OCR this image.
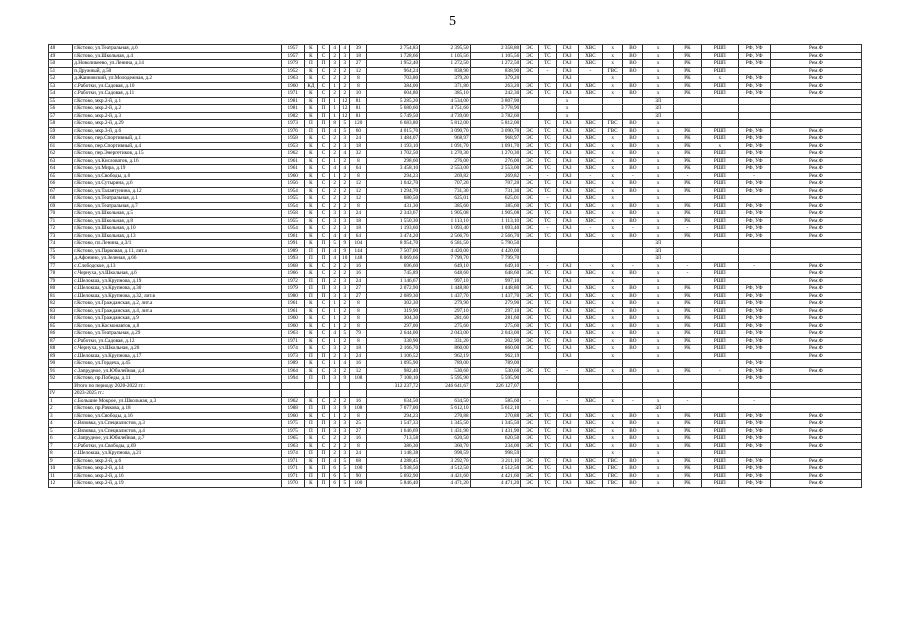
5
48	г.Кстово, ул.Театральная, д.6	1957	К	С	4	4	39	2 754,83	2 395,50	2 358,80	ЭС	ТС	ГАЗ	ХВС	х	ВО	х	РК	РШП	РФ, УФ	Рем.Ф
49	г.Кстово, ул.Школьная, д.4	1957	К	С	2	3	18	1 728,66	1 105,56	1 105,56	ЭС	ТС	ГАЗ	ХВС	х	ВО	х	РК	РШП	РФ, УФ	Рем.Ф
50	д.Новоликеево, ул.Ленина, д.14	1979	П	П	3	3	27	1 952,40	1 272,50	1 272,50	ЭС	ТС	ГАЗ	ХВС	х	ВО	х	РК	РШП	РФ, УФ	Рем.Ф
51	п.Дружный, д.50	1952	К	С	2	2	12	964,24	838,90	838,90	ЭС	-	ГАЗ	-	ГВС	ВО	х	РК	РШП		Рем.Ф
52	д.Жаиновский, ул.Молодежная, д.2	1963	К	С	2	2	8	703,80	379,20	379,20			ГАЗ		х		х	РК	х	РФ, УФ	Рем.Ф
53	с.Работки, ул.Садовая, д.10	1960	КД	С	1	2	8	384,00	371,80	263,20	ЭС	ТС	ГАЗ	ХВС	х	ВО	х	РК	РШП	РФ, УФ	Рем.Ф
54	с.Работки, ул.Садовая, д.11	1971	К	С	2	2	10	604,80	385,10	242,30	ЭС	ТС	ГАЗ	ХВС	х	ВО	х	РК	РШП	РФ, УФ	Рем.Ф
55	г.Кстово, мкр.2-й, д.1	1981	К	П	1	12	81	5 285,20	4 534,00	3 807,90			х				ЗЛ				
56	г.Кстово, мкр.2-й, д.2	1981	К	П	1	12	81	5 680,60	4 751,60	3 778,90			х				ЗЛ				
57	г.Кстово, мкр.2-й, д.3	1982	К	П	1	12	81	5 749,50	4 739,00	3 782,60			х				ЗЛ				
58	г.Кстово, мкр.2-й, д.29	1973	П	П	8	5	120	6 683,80	5 812,00	5 812,00		ТС	ГАЗ	ХВС	ГВС	ВО	х				
59	г.Кстово, мкр.3-й, д.6	1976	П	П	4	5	60	4 015,70	3 090,70	3 090,70	ЭС	ТС	ГАЗ	ХВС	ГВС	ВО	х	РК	РШП	РФ, УФ	Рем.Ф
60	г.Кстово, пер.Спортивный, д.1	1958	К	С	2	3	24	1 484,07	968,97	968,97	ЭС	ТС	ГАЗ	ХВС	х	ВО	х	РК	РШП	РФ, УФ	Рем.Ф
61	г.Кстово, пер.Спортивный, д.4	1953	К	С	2	3	18	1 193,10	1 091,70	1 091,70	ЭС	ТС	ГАЗ	ХВС	х	ВО	х	РК	х	РФ, УФ	Рем.Ф
62	г.Кстово, пер.Энергетиков, д.15	1962	К	С	2	4	32	1 702,50	1 270,30	1 270,30	ЭС	ТС	ГАЗ	ХВС	х	ВО	х	РК	РШП	РФ, УФ	Рем.Ф
63	г.Кстово, ул.Кисловатов, д.16	1961	К	С	1	2	8	298,60	276,00	276,00	ЭС	ТС	ГАЗ	ХВС	х	ВО	х	РК	РШП	РФ, УФ	Рем.Ф
64	г.Кстово, ул.Мира, д.19	1961	К	С	4	4	64	3 458,10	2 553,00	2 553,00	ЭС	ТС	ГАЗ	ХВС	х	ВО	х	РК	РШП	РФ, УФ	Рем.Ф
65	г.Кстово, ул.Свободы, д.6	1960	К	С	1	2	8	294,23	269,82	269,82	-	-	ГАЗ	-	х	-	х	-	РШП	-	Рем.Ф
66	г.Кстово, ул.Сутырина, д.6	1956	К	С	2	2	12	1 042,70	707,20	707,20	ЭС	ТС	ГАЗ	ХВС	х	ВО	х	РК	РШП	РФ, УФ	Рем.Ф
67	г.Кстово, ул.Талантунина, д.12	1954	К	С	2	2	12	1 294,70	731,30	731,30	ЭС	ТС	ГАЗ	ХВС	х	ВО	х	РК	РШП	РФ, УФ	Рем.Ф
68	г.Кстово, ул.Театральная, д.1	1955	К	С	2	2	12	680,50	625,01	625,01	ЭС	-	ГАЗ	ХВС	х		х		РШП		Рем.Ф
69	г.Кстово, ул.Театральная, д.7	1954	К	С	2	2	8	431,30	385,60	385,60	ЭС	ТС	ГАЗ	ХВС	х	ВО	х	РК	РШП	РФ, УФ	Рем.Ф
70	г.Кстово, ул.Школьная, д.5	1958	К	С	3	3	24	2 343,67	1 905,08	1 905,08	ЭС	ТС	ГАЗ	ХВС	х	ВО	х	РК	РШП	РФ, УФ	Рем.Ф
71	г.Кстово, ул.Школьная, д.8	1955	К	С	3	3	18	1 550,30	1 113,10	1 113,10	ЭС	ТС	ГАЗ	ХВС	х	ВО	х	РК	РШП	РФ, УФ	Рем.Ф
72	г.Кстово, ул.Школьная, д.10	1954	К	С	2	3	18	1 193,60	1 093,40	1 093,40	ЭС	-	ГАЗ	-	х	-	х	-	РШП	РФ, УФ	Рем.Ф
73	г.Кстово, ул.Школьная, д.13	1961	К	С	4	4	64	3 474,20	2 566,70	2 566,70	ЭС	ТС	ГАЗ	ХВС	х	ВО	х	РК	РШП	РФ, УФ	Рем.Ф
74	г.Кстово, пл.Ленина, д.3/1	1991	К	П	5	9	104	8 954,70	6 581,50	5 790,50							ЗЛ				
75	г.Кстово, ул.Парковая, д.11, лит.а	1989	П	П	4	9	144	7 507,00	4 420,00	4 420,00							ЗЛ				
76	д.Афонино, ул.Зеленая, д.66	1993	П	П	4	10	148	8 069,66	7 799,70	7 799,70							ЗЛ				
77	с.Слободское, д.13	1968	К	С	2	2	16	696,60	649,10	649,10	-	-	ГАЗ	-	х	-	х	-	РШП	-	Рем.Ф
78	с.Чернуха, ул.Школьная, д.6	1966	К	С	2	2	16	745,89	648,60	648,60	ЭС	ТС	ГАЗ	ХВС	х	ВО	х	-	РШП		Рем.Ф
79	с.Шелокша, ул.Крупнова, д.19	1972	П	П	2	3	24	1 146,67	997,10	997,10			ГАЗ		х		х		РШП		Рем.Ф
80	с.Шелокша, ул.Крупнова, д.30	1979	П	П	3	3	27	2 072,90	1 448,80	1 448,80	ЭС	ТС	ГАЗ	ХВС	х	ВО	х	РК	РШП	РФ, УФ	Рем.Ф
81	с.Шелокша, ул.Крупнова, д.32, лит.в	1980	П	П	3	3	27	2 089,30	1 437,70	1 437,70	ЭС	ТС	ГАЗ	ХВС	х	ВО	х	РК	РШП	РФ, УФ	Рем.Ф
82	г.Кстово, ул.Гражданская, д.2, лит.а	1961	К	С	1	2	8	302,30	279,90	279,90	ЭС	ТС	ГАЗ	ХВС	х	ВО	х	РК	РШП	РФ, УФ	Рем.Ф
83	г.Кстово, ул.Гражданская, д.4, лит.а	1961	К	С	1	2	8	319,90	297,10	297,10	ЭС	ТС	ГАЗ	ХВС	х	ВО	х	РК	РШП	РФ, УФ	Рем.Ф
84	г.Кстово, ул.Гражданская, д.9	1960	К	С	1	2	8	304,30	281,60	281,60	ЭС	ТС	ГАЗ	ХВС	х	ВО	х	РК	РШП	РФ, УФ	Рем.Ф
85	г.Кстово, ул.Космонавтов, д.8	1960	К	С	1	2	8	297,00	275,60	275,60	ЭС	ТС	ГАЗ	ХВС	х	ВО	х	РК	РШП	РФ, УФ	Рем.Ф
86	г.Кстово, ул.Театральная, д.29	1963	К	С	4	5	79	2 644,00	2 043,00	2 043,00	ЭС	ТС	ГАЗ	ХВС	х	ВО	х	РК	РШП	РФ, УФ	Рем.Ф
87	с.Работки, ул.Садовая, д.12	1971	К	С	1	2	8	330,90	331,20	202,90	ЭС	ТС	ГАЗ	ХВС	х	ВО	х	РК	РШП	РФ, УФ	Рем.Ф
88	с.Чернуха, ул.Школьная, д.20	1974	К	С	3	2	18	2 166,70	860,00	860,00	ЭС	ТС	ГАЗ	ХВС	х	ВО	х	РК	РШП	РФ, УФ	Рем.Ф
89	с.Шелокша, ул.Крупнова, д.17	1973	П	П	2	3	24	1 106,52	962,19	962,19			ГАЗ		х		х		РШП		Рем.Ф
90	г.Кстово, ул.Гордеча, д.45	1989	К	С	1	4	16	1 095,90	789,00	789,00										РФ, УФ	
91	с.Запрудное, ул.Юбилейная, д.4	1964	К	С	3	2	12	982,40	530,60	530,60	ЭС	ТС	-	ХВС	х	ВО	х	РК	-	РФ, УФ	Рем.Ф
92	г.Кстово, пр.Победы, д.11	1994	П	П	3	9	108	7 108,10	5 595,90	5 595,90										РФ, УФ	
	Итого по периоду 2020-2022 гг.:							312 237,72	246 641,67	226 127,07											
IV	2023-2025 гг.:																				
1	с.Большие Мокрое, ул.Школьная, д.3	1962	К	С	2	2	16	634,50	634,50	585,60	-	-	-	ХВС	х	-	х	-		-	
2	г.Кстово, пр.Рачкова, д.18	1988	П	П	3	9	108	7 077,00	5 612,10	5 612,10							ЗЛ				
3	г.Кстово, ул.Свободы, д.16	1960	К	С	1	2	8	294,23	270,88	270,88	ЭС	ТС	ГАЗ	ХВС	х	ВО	х	РК	РШП	РФ, УФ	Рем.Ф
4	с.Вязовка, ул.Специалистов, д.3	1975	П	П	3	3	25	1 547,33	1 345,50	1 345,50	ЭС	ТС	ГАЗ	ХВС	х	ВО	х	РК	РШП	РФ, УФ	Рем.Ф
5	с.Вязовка, ул.Специалистов, д.4	1975	П	П	3	3	27	1 646,69	1 431,90	1 431,90	ЭС	ТС	ГАЗ	ХВС	х	ВО	х	РК	РШП	РФ, УФ	Рем.Ф
6	с.Запрудное, ул.Юбилейная, д.7	1965	К	С	2	2	16	713,58	620,50	620,50	ЭС	ТС	ГАЗ	ХВС	х	ВО	х	РК	РШП	РФ, УФ	Рем.Ф
7	с.Работки, ул.Свободы, д.69	1963	К	С	2	2	8	386,30	360,70	234,00	ЭС	ТС	ГАЗ	ХВС	х	ВО	х	РК	РШП	РФ, УФ	Рем.Ф
8	с.Шелокша, ул.Крупнова, д.21	1974	П	П	2	3	24	1 148,38	998,59	998,59					х		х		РШП		
9	г.Кстово, мкр.2-й, д.6	1971	К	П	4	5	68	4 288,45	3 292,70	3 211,10	ЭС	ТС	ГАЗ	ХВС	ГВС	ВО	х	РК	РШП	РФ, УФ	Рем.Ф
10	г.Кстово, мкр.2-й, д.14	1971	К	П	6	5	100	5 938,50	4 512,50	4 512,50	ЭС	ТС	ГАЗ	ХВС	ГВС	ВО	х	РК	РШП	РФ, УФ	Рем.Ф
11	г.Кстово, мкр.2-й, д.16	1971	П	П	6	5	90	5 692,90	4 421,60	4 421,60	ЭС	ТС	ГАЗ	ХВС	ГВС	ВО	х	РК	РШП	РФ, УФ	Рем.Ф
12	г.Кстово, мкр.2-й, д.19	1970	К	П	6	5	100	5 846,40	4 471,20	4 471,20	ЭС	ТС	ГАЗ	ХВС	ГВС	ВО	х	РК	РШП	РФ, УФ	Рем.Ф
